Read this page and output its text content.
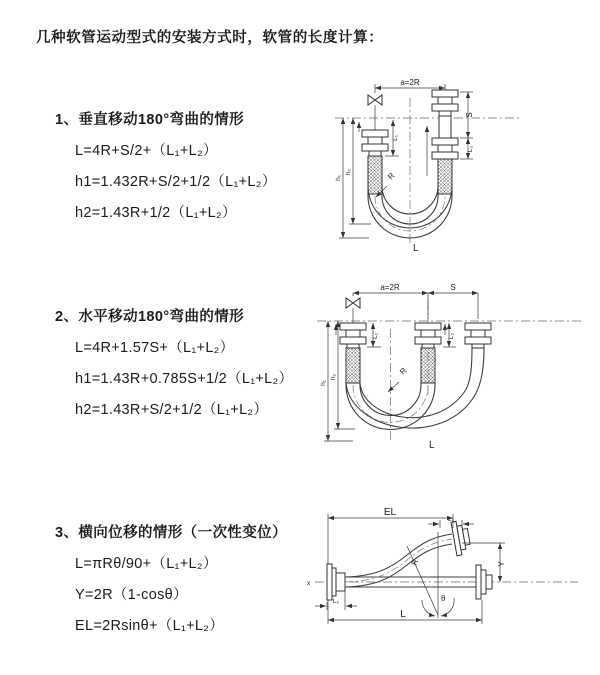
几种软管运动型式的安装方式时，软管的长度计算：
1、垂直移动180°弯曲的情形
L=4R+S/2+（L₁+L₂）
h1=1.432R+S/2+1/2（L₁+L₂）
h2=1.43R+1/2（L₁+L₂）
2、水平移动180°弯曲的情形
L=4R+1.57S+（L₁+L₂）
h1=1.43R+0.785S+1/2（L₁+L₂）
h2=1.43R+S/2+1/2（L₁+L₂）
3、横向位移的情形（一次性变位）
L=πRθ/90+（L₁+L₂）
Y=2R（1-cosθ）
EL=2Rsinθ+（L₁+L₂）
a=2R
S
L₂
L₁
h₁
h₂	R
L
a=2R	S
L₁	L₂
h₁
h₂
R
L
x
EL
L₁
Y
R
θ
L₂
L
